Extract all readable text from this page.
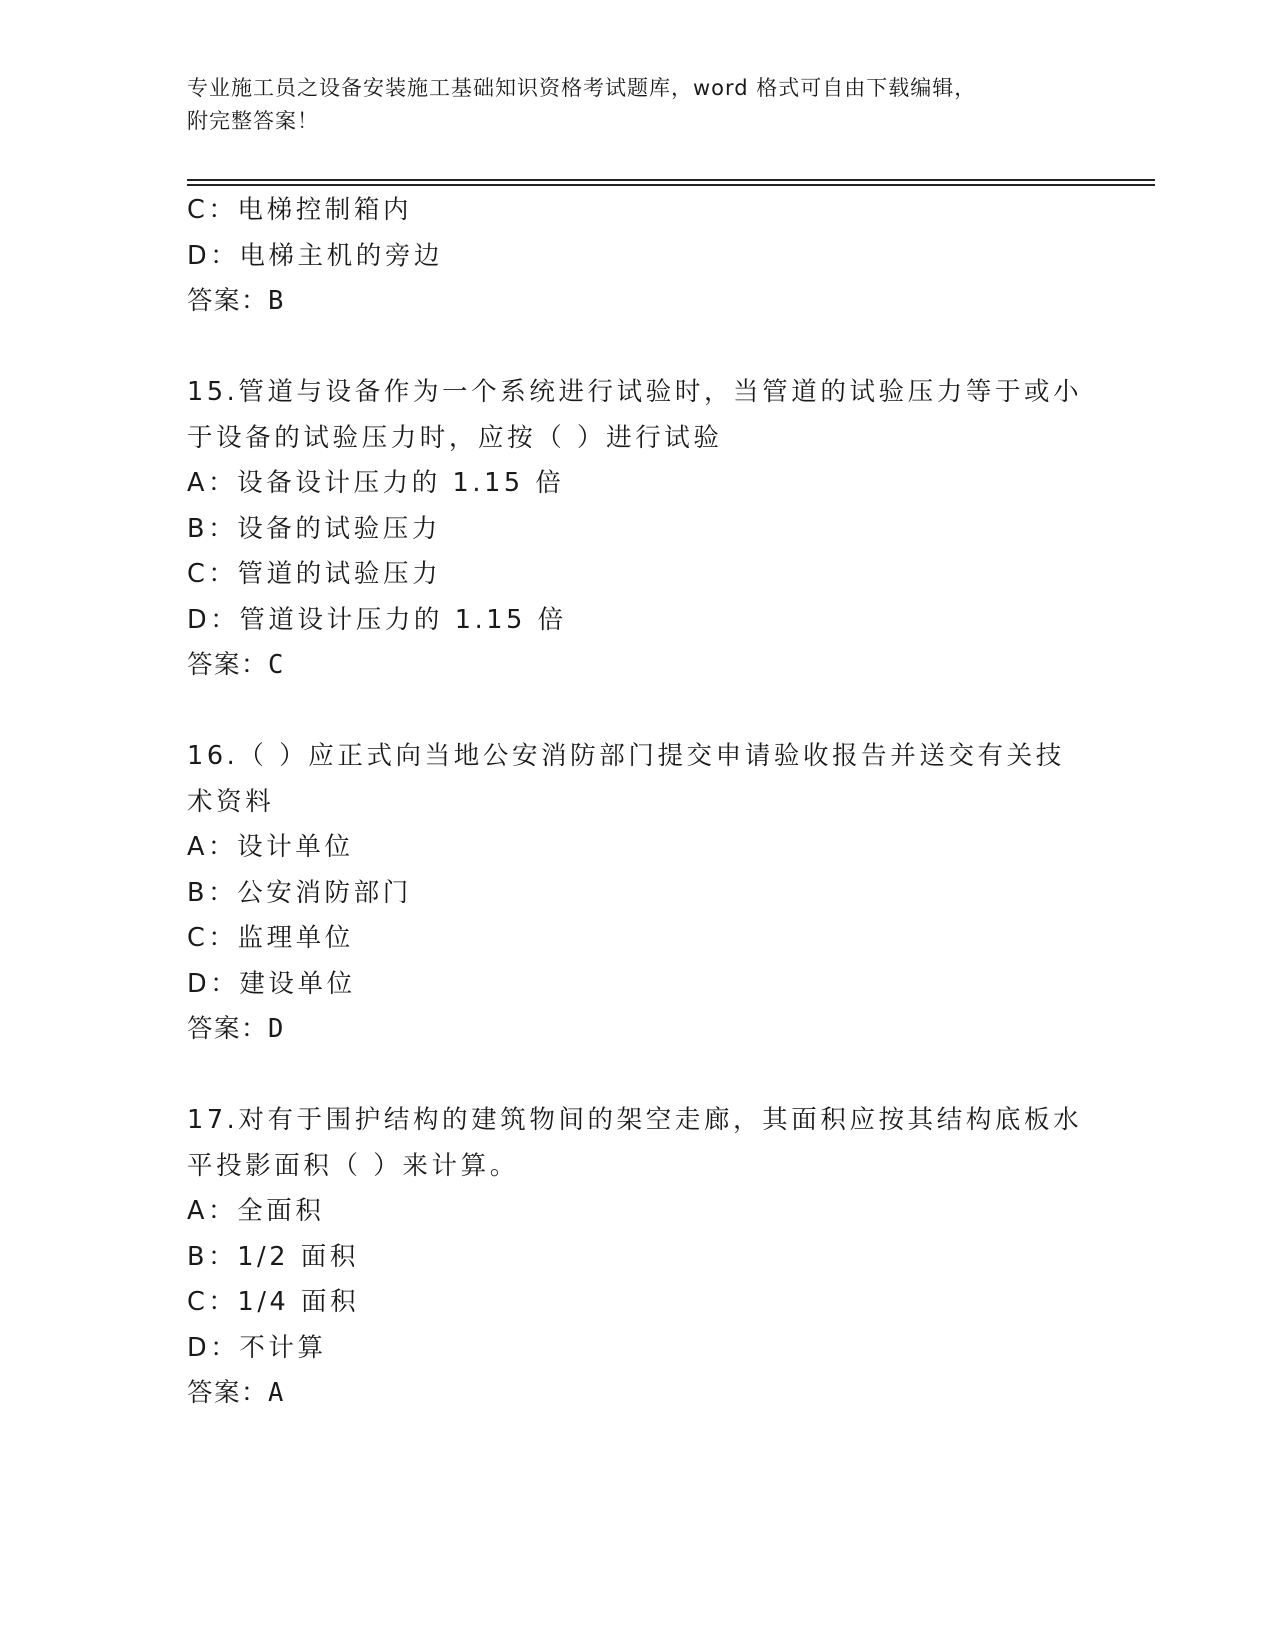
专业施工员之设备安装施工基础知识资格考试题库，word 格式可自由下载编辑，
附完整答案！
C：电梯控制箱内
D：电梯主机的旁边
答案：B
15.管道与设备作为一个系统进行试验时，当管道的试验压力等于或小
于设备的试验压力时，应按（ ）进行试验
A：设备设计压力的 1.15 倍
B：设备的试验压力
C：管道的试验压力
D：管道设计压力的 1.15 倍
答案：C
16.（ ）应正式向当地公安消防部门提交申请验收报告并送交有关技
术资料
A：设计单位
B：公安消防部门
C：监理单位
D：建设单位
答案：D
17.对有于围护结构的建筑物间的架空走廊，其面积应按其结构底板水
平投影面积（ ）来计算。
A：全面积
B：1/2 面积
C：1/4 面积
D：不计算
答案：A
